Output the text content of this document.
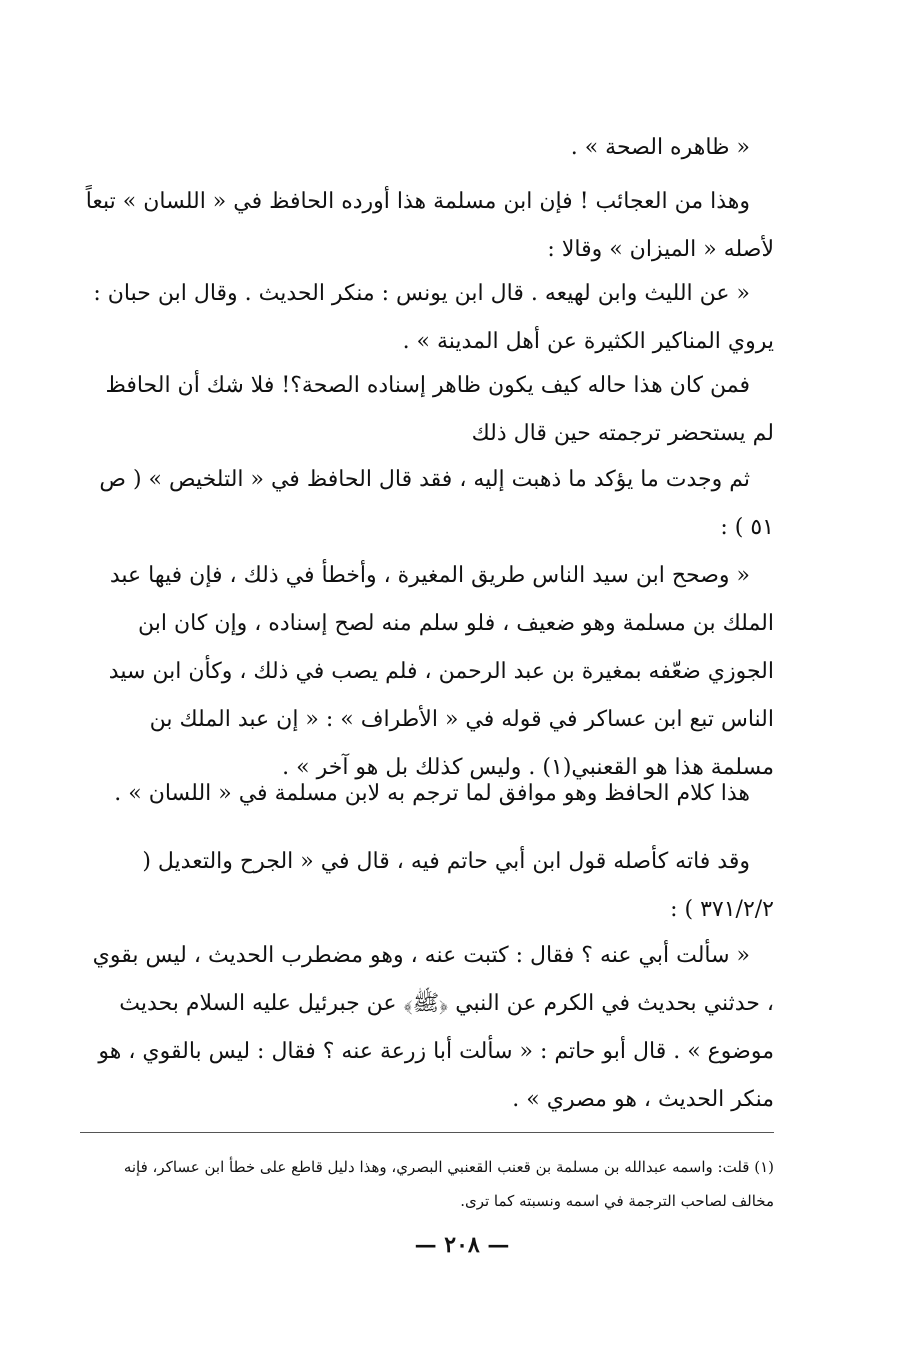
« ظاهره الصحة » .

وهذا من العجائب ! فإن ابن مسلمة هذا أورده الحافظ في « اللسان » تبعاً لأصله « الميزان » وقالا :

« عن الليث وابن لهيعه . قال ابن يونس : منكر الحديث . وقال ابن حبان : يروي المناكير الكثيرة عن أهل المدينة » .

فمن كان هذا حاله كيف يكون ظاهر إسناده الصحة؟! فلا شك أن الحافظ لم يستحضر ترجمته حين قال ذلك

ثم وجدت ما يؤكد ما ذهبت إليه ، فقد قال الحافظ في « التلخيص » ( ص ٥١ ) :

« وصحح ابن سيد الناس طريق المغيرة ، وأخطأ في ذلك ، فإن فيها عبد الملك بن مسلمة وهو ضعيف ، فلو سلم منه لصح إسناده ، وإن كان ابن الجوزي ضعّفه بمغيرة بن عبد الرحمن ، فلم يصب في ذلك ، وكأن ابن سيد الناس تبع ابن عساكر في قوله في « الأطراف » : « إن عبد الملك بن مسلمة هذا هو القعنبي(١) . وليس كذلك بل هو آخر » .

هذا كلام الحافظ وهو موافق لما ترجم به لابن مسلمة في « اللسان » .

وقد فاته كأصله قول ابن أبي حاتم فيه ، قال في « الجرح والتعديل ( ٣٧١/٢/٢ ) :

« سألت أبي عنه ؟ فقال : كتبت عنه ، وهو مضطرب الحديث ، ليس بقوي ، حدثني بحديث في الكرم عن النبي ﴿ﷺ﴾ عن جبرئيل عليه السلام بحديث موضوع » . قال أبو حاتم : « سألت أبا زرعة عنه ؟ فقال : ليس بالقوي ، هو منكر الحديث ، هو مصري » .

(١) قلت: واسمه عبدالله بن مسلمة بن قعنب القعنبي البصري، وهذا دليل قاطع على خطأ ابن عساكر، فإنه مخالف لصاحب الترجمة في اسمه ونسبته كما ترى.

— ٢٠٨ —
